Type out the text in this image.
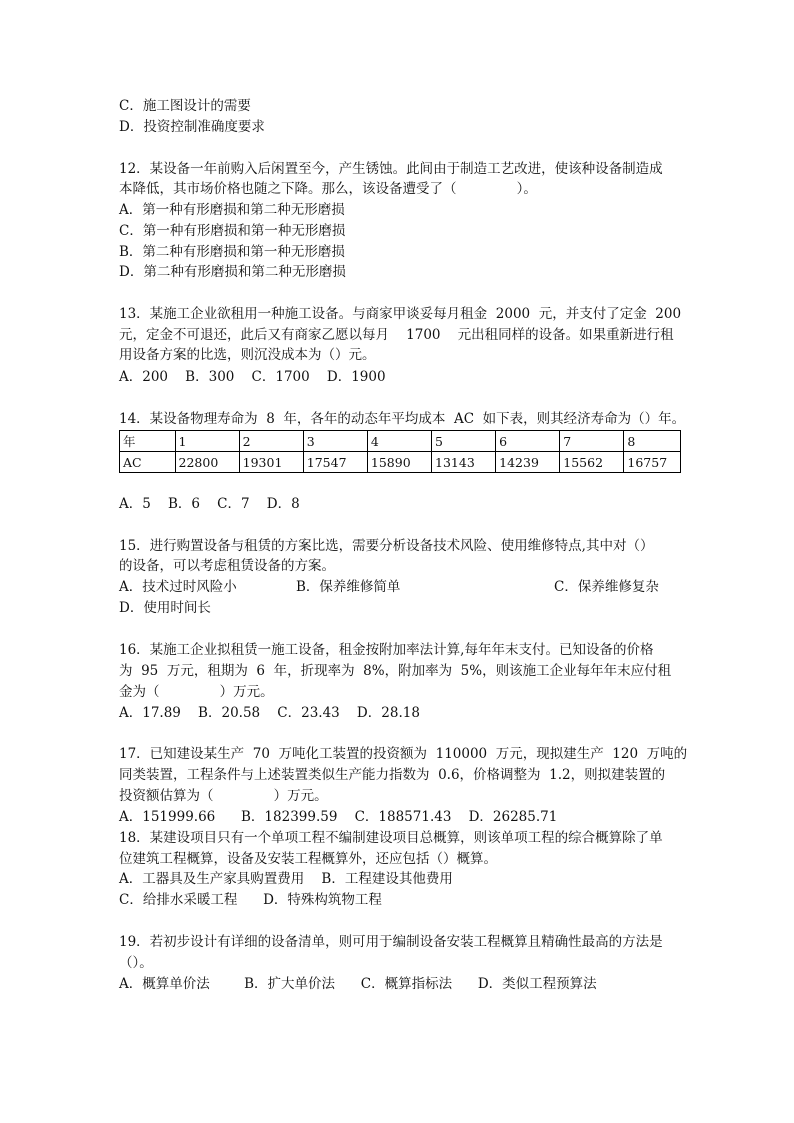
C．施工图设计的需要
D．投资控制准确度要求
12．某设备一年前购入后闲置至今，产生锈蚀。此间由于制造工艺改进，使该种设备制造成
本降低，其市场价格也随之下降。那么，该设备遭受了（              ）。
A．第一种有形磨损和第二种无形磨损
C．第一种有形磨损和第一种无形磨损
B．第二种有形磨损和第一种无形磨损
D．第二种有形磨损和第二种无形磨损
13．某施工企业欲租用一种施工设备。与商家甲谈妥每月租金  2000  元，并支付了定金  200
元，定金不可退还，此后又有商家乙愿以每月    1700    元出租同样的设备。如果重新进行租
用设备方案的比选，则沉没成本为（）元。
A．200    B．300    C．1700    D．1900
14．某设备物理寿命为  8  年，各年的动态年平均成本  AC  如下表，则其经济寿命为（）年。
年	1	2	3	4	5	6	7	8
AC	22800	19301	17547	15890	13143	14239	15562	16757
A．5    B．6    C．7    D．8
15．进行购置设备与租赁的方案比选，需要分析设备技术风险、使用维修特点,其中对（）
的设备，可以考虑租赁设备的方案。
A．技术过时风险小	B．保养维修简单	C．保养维修复杂
D．使用时间长
16．某施工企业拟租赁一施工设备，租金按附加率法计算,每年年末支付。已知设备的价格
为  95  万元，租期为  6  年，折现率为  8%，附加率为  5%，则该施工企业每年年末应付租
金为（              ）万元。
A．17.89    B．20.58    C．23.43    D．28.18
17．已知建设某生产  70  万吨化工装置的投资额为  110000  万元，现拟建生产  120  万吨的
同类装置，工程条件与上述装置类似生产能力指数为  0.6，价格调整为  1.2，则拟建装置的
投资额估算为（              ）万元。
A．151999.66      B．182399.59    C．188571.43    D．26285.71
18．某建设项目只有一个单项工程不编制建设项目总概算，则该单项工程的综合概算除了单
位建筑工程概算，设备及安装工程概算外，还应包括（）概算。
A．工器具及生产家具购置费用    B．工程建设其他费用
C．给排水采暖工程      D．特殊构筑物工程
19．若初步设计有详细的设备清单，则可用于编制设备安装工程概算且精确性最高的方法是
（）。
A．概算单价法        B．扩大单价法      C．概算指标法      D．类似工程预算法
